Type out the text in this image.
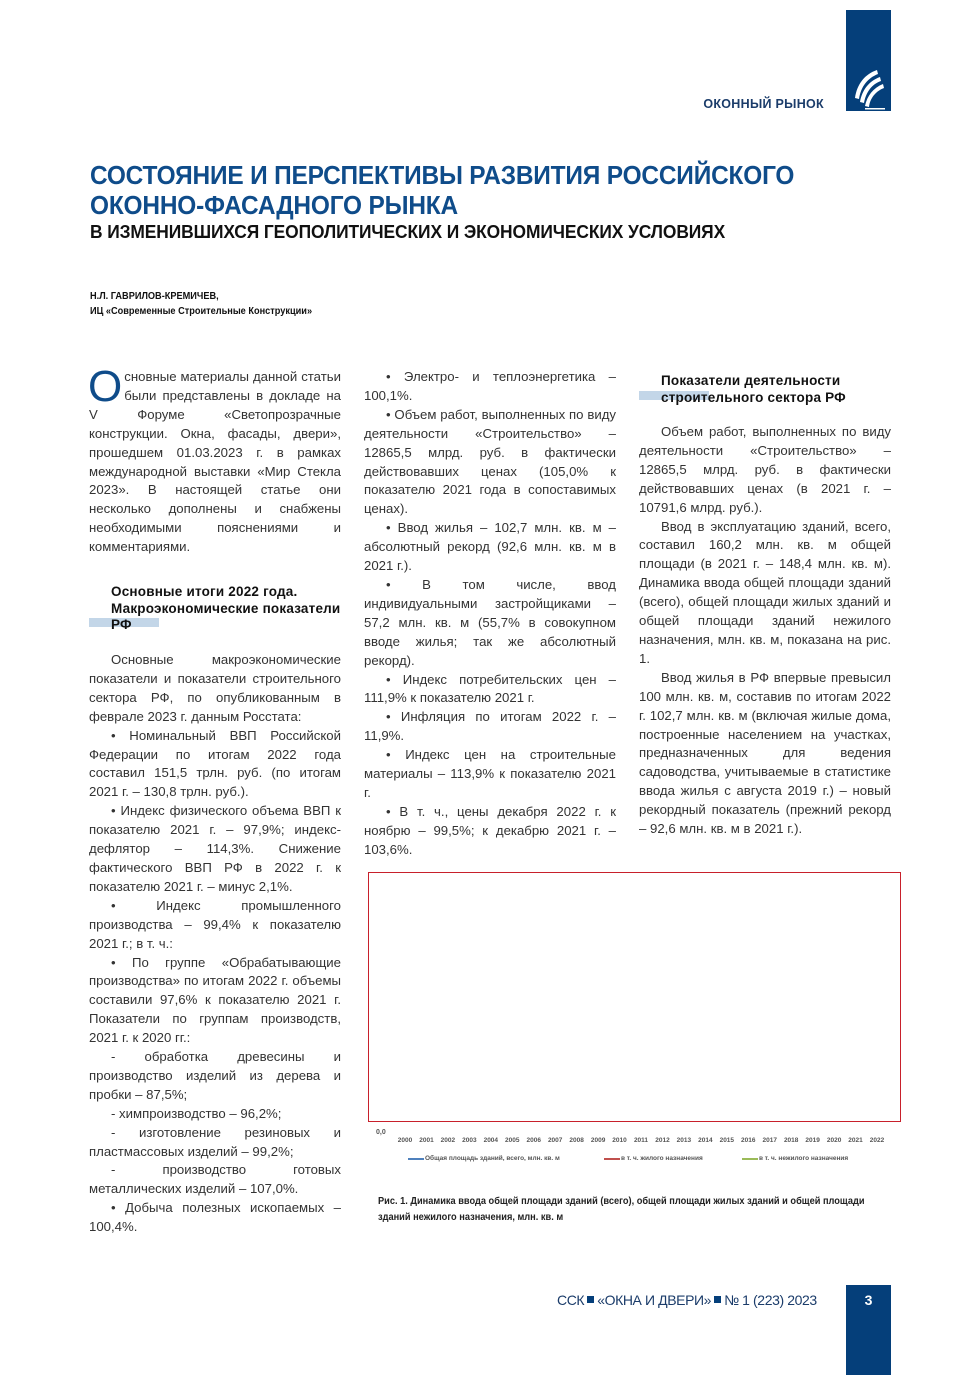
ОКОННЫЙ РЫНОК
СОСТОЯНИЕ И ПЕРСПЕКТИВЫ РАЗВИТИЯ РОССИЙСКОГО ОКОННО-ФАСАДНОГО РЫНКА
В ИЗМЕНИВШИХСЯ ГЕОПОЛИТИЧЕСКИХ И ЭКОНОМИЧЕСКИХ УСЛОВИЯХ
Н.Л. ГАВРИЛОВ-КРЕМИЧЕВ,
ИЦ «Современные Строительные Конструкции»

Основные материалы данной статьи были представлены в докладе на V Форуме «Светопрозрачные конструкции. Окна, фасады, двери», прошедшем 01.03.2023 г. в рамках международной выставки «Мир Стекла 2023». В настоящей статье они несколько дополнены и снабжены необходимыми пояснениями и комментариями.

Основные итоги 2022 года. Макроэкономические показатели РФ

Основные макроэкономические показатели и показатели строительного сектора РФ, по опубликованным в феврале 2023 г. данным Росстата:

• Номинальный ВВП Российской Федерации по итогам 2022 года составил 151,5 трлн. руб. (по итогам 2021 г. – 130,8 трлн. руб.).

• Индекс физического объема ВВП к показателю 2021 г. – 97,9%; индекс-дефлятор – 114,3%. Снижение фактического ВВП РФ в 2022 г. к показателю 2021 г. – минус 2,1%.

• Индекс промышленного производства – 99,4% к показателю 2021 г.; в т. ч.:

• По группе «Обрабатывающие производства» по итогам 2022 г. объемы составили 97,6% к показателю 2021 г. Показатели по группам производств, 2021 г. к 2020 гг.:

- обработка древесины и производство изделий из дерева и пробки – 87,5%;

- химпроизводство – 96,2%;

- изготовление резиновых и пластмассовых изделий – 99,2%;

- производство готовых металлических изделий – 107,0%.

• Добыча полезных ископаемых – 100,4%.

• Электро- и теплоэнергетика – 100,1%.

• Объем работ, выполненных по виду деятельности «Строительство» – 12865,5 млрд. руб. в фактически действовавших ценах (105,0% к показателю 2021 года в сопоставимых ценах).

• Ввод жилья – 102,7 млн. кв. м – абсолютный рекорд (92,6 млн. кв. м в 2021 г.).

• В том числе, ввод индивидуальными застройщиками – 57,2 млн. кв. м (55,7% в совокупном вводе жилья; так же абсолютный рекорд).

• Индекс потребительских цен – 111,9% к показателю 2021 г.

• Инфляция по итогам 2022 г. – 11,9%.

• Индекс цен на строительные материалы – 113,9% к показателю 2021 г.

• В т. ч., цены декабря 2022 г. к ноябрю – 99,5%; к декабрю 2021 г. – 103,6%.

Показатели деятельности строительного сектора РФ

Объем работ, выполненных по виду деятельности «Строительство» – 12865,5 млрд. руб. в фактически действовавших ценах (в 2021 г. – 10791,6 млрд. руб.).

Ввод в эксплуатацию зданий, всего, составил 160,2 млн. кв. м общей площади (в 2021 г. – 148,4 млн. кв. м). Динамика ввода общей площади зданий (всего), общей площади жилых зданий и общей площади зданий нежилого назначения, млн. кв. м, показана на рис. 1.

Ввод жилья в РФ впервые превысил 100 млн. кв. м, составив по итогам 2022 г. 102,7 млн. кв. м (включая жилые дома, построенные населением на участках, предназначенных для ведения садоводства, учитываемые в статистике ввода жилья с августа 2019 г.) – новый рекордный показатель (прежний рекорд – 92,6 млн. кв. м в 2021 г.).

0,0
2000 2001 2002 2003 2004 2005 2006 2007 2008 2009 2010 2011 2012 2013 2014 2015 2016 2017 2018 2019 2020 2021 2022
Общая площадь зданий, всего, млн. кв. м	в т. ч. жилого назначения	в т. ч. нежилого назначения
Рис. 1. Динамика ввода общей площади зданий (всего), общей площади жилых зданий и общей площади зданий нежилого назначения, млн. кв. м
ССК «ОКНА И ДВЕРИ» № 1 (223) 2023	3
